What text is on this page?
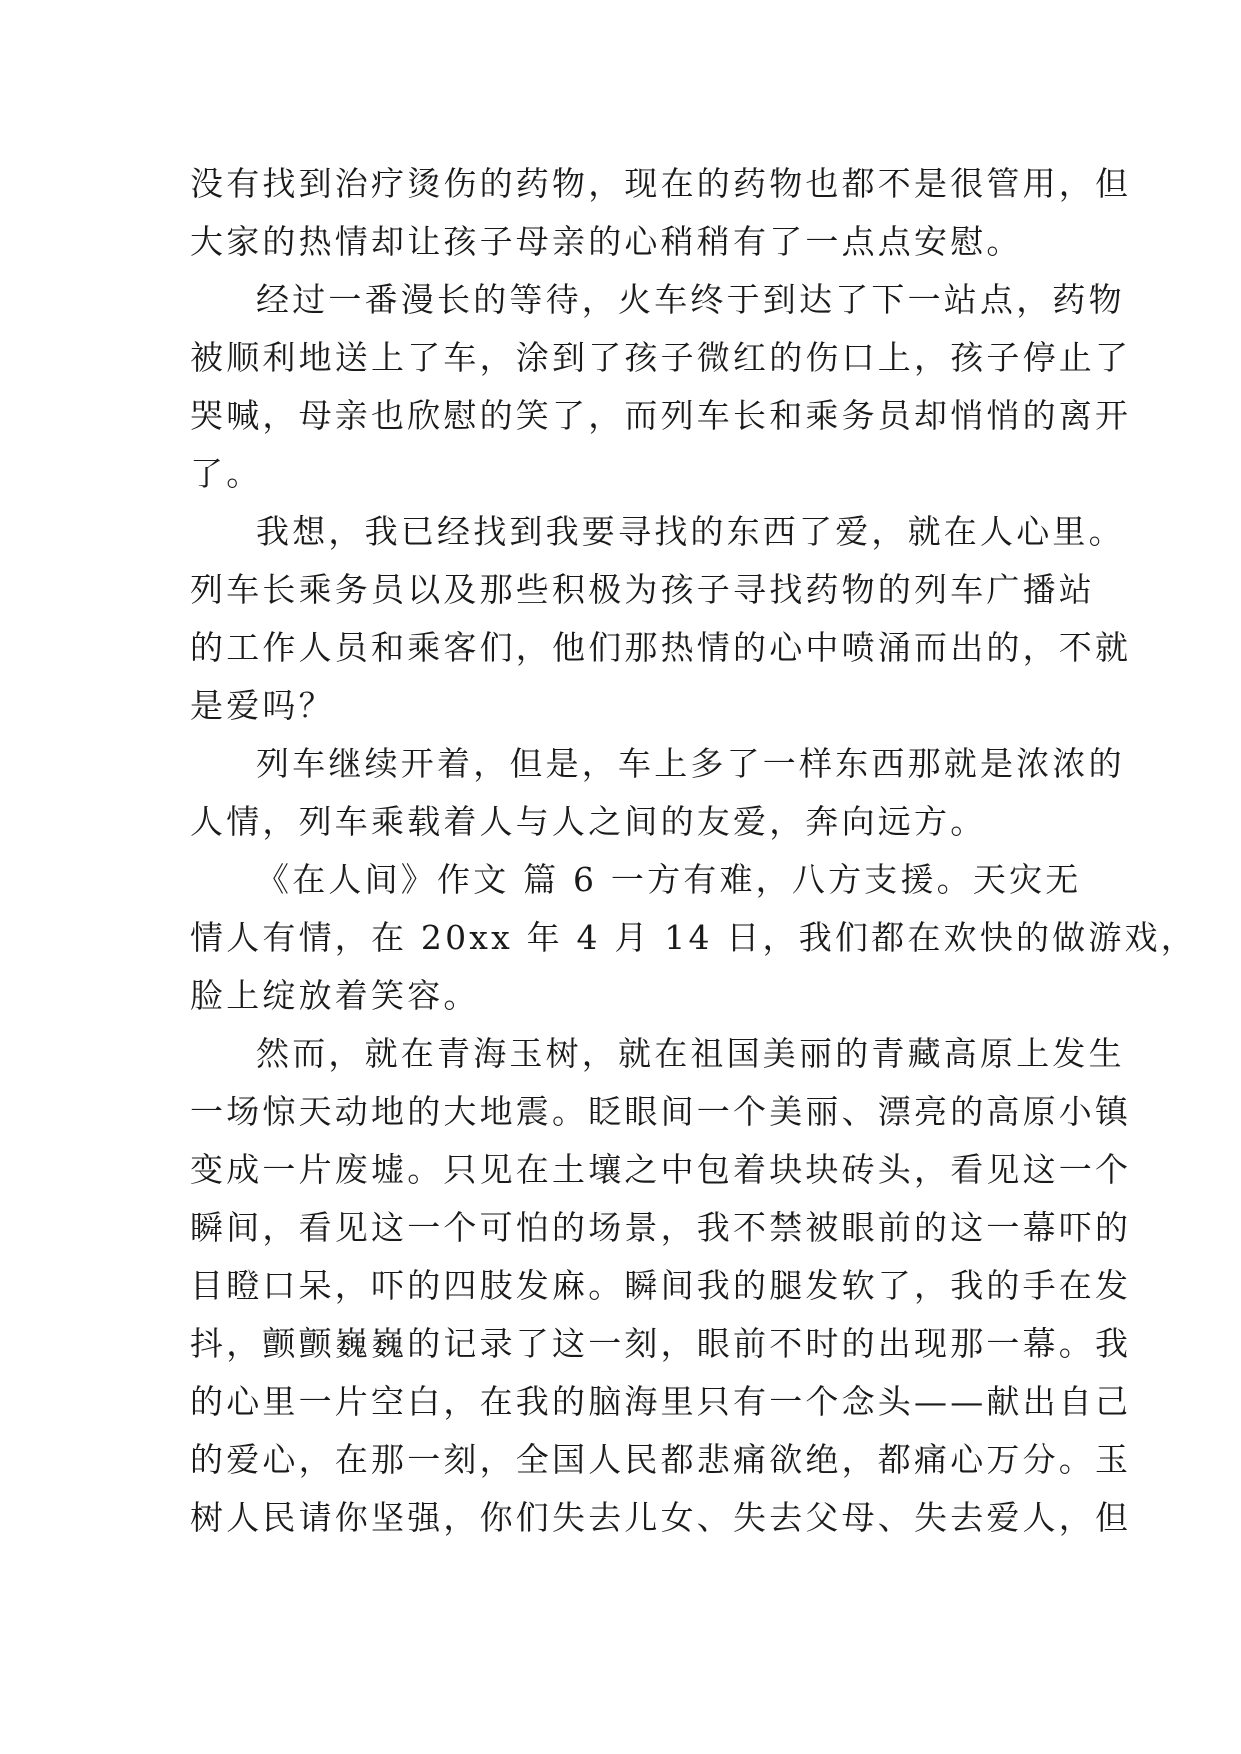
没有找到治疗烫伤的药物，现在的药物也都不是很管用，但
大家的热情却让孩子母亲的心稍稍有了一点点安慰。
经过一番漫长的等待，火车终于到达了下一站点，药物
被顺利地送上了车，涂到了孩子微红的伤口上，孩子停止了
哭喊，母亲也欣慰的笑了，而列车长和乘务员却悄悄的离开
了。
我想，我已经找到我要寻找的东西了爱，就在人心里。
列车长乘务员以及那些积极为孩子寻找药物的列车广播站
的工作人员和乘客们，他们那热情的心中喷涌而出的，不就
是爱吗？
列车继续开着，但是，车上多了一样东西那就是浓浓的
人情，列车乘载着人与人之间的友爱，奔向远方。
《在人间》作文 篇 6 一方有难，八方支援。天灾无
情人有情，在 20xx 年 4 月 14 日，我们都在欢快的做游戏，
脸上绽放着笑容。
然而，就在青海玉树，就在祖国美丽的青藏高原上发生
一场惊天动地的大地震。眨眼间一个美丽、漂亮的高原小镇
变成一片废墟。只见在土壤之中包着块块砖头，看见这一个
瞬间，看见这一个可怕的场景，我不禁被眼前的这一幕吓的
目瞪口呆，吓的四肢发麻。瞬间我的腿发软了，我的手在发
抖，颤颤巍巍的记录了这一刻，眼前不时的出现那一幕。我
的心里一片空白，在我的脑海里只有一个念头——献出自己
的爱心，在那一刻，全国人民都悲痛欲绝，都痛心万分。玉
树人民请你坚强，你们失去儿女、失去父母、失去爱人，但
